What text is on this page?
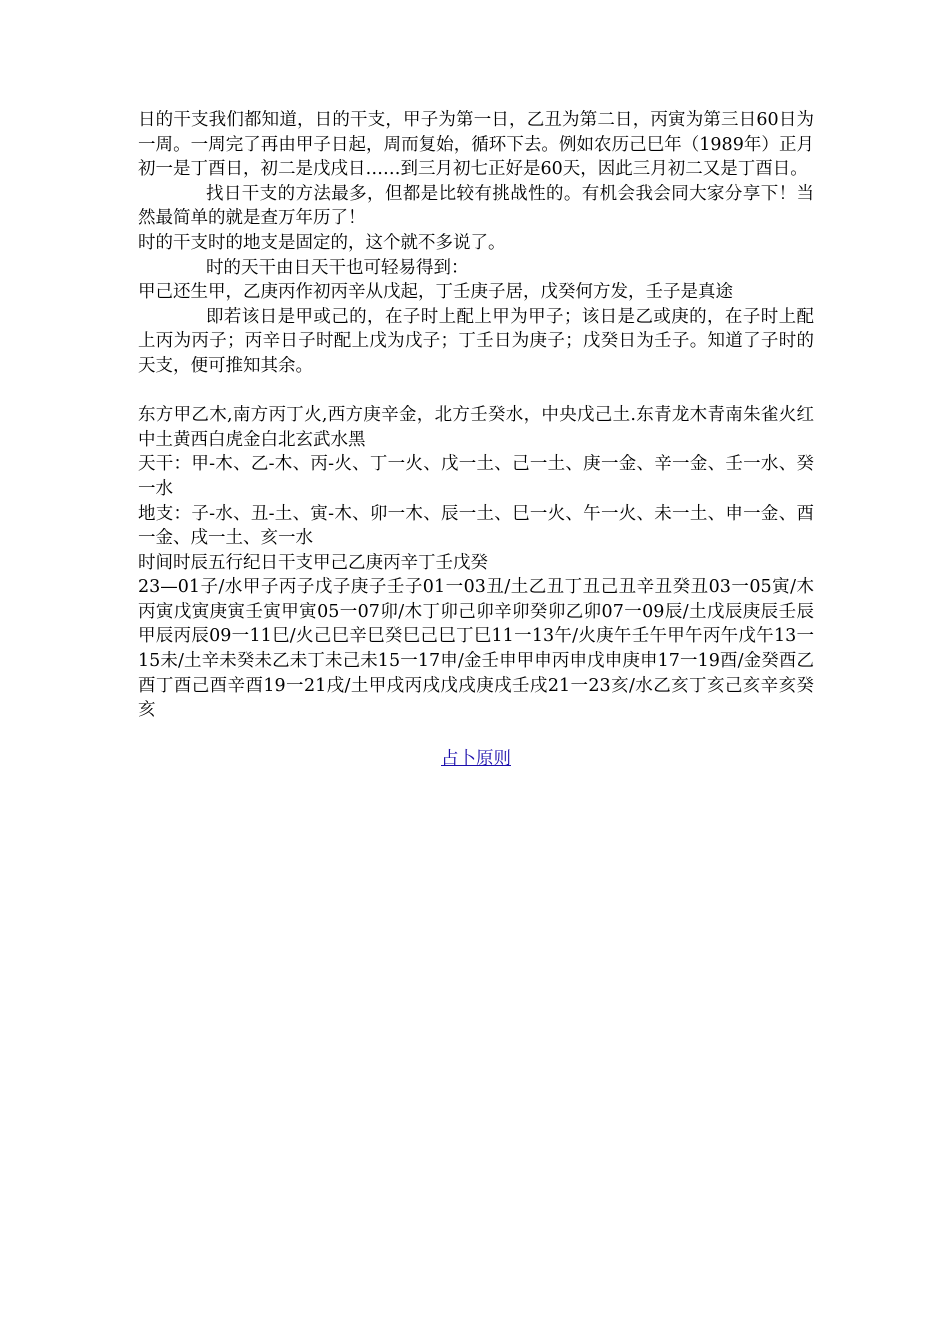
日的干支我们都知道，日的干支，甲子为第一日，乙丑为第二日，丙寅为第三日60日为一周。一周完了再由甲子日起，周而复始，循环下去。例如农历己巳年（1989年）正月初一是丁酉日，初二是戊戌日……到三月初七正好是60天，因此三月初二又是丁酉日。

找日干支的方法最多，但都是比较有挑战性的。有机会我会同大家分享下！当然最简单的就是查万年历了！

时的干支时的地支是固定的，这个就不多说了。

时的天干由日天干也可轻易得到：

甲己还生甲，乙庚丙作初丙辛从戊起，丁壬庚子居，戊癸何方发，壬子是真途

即若该日是甲或己的，在子时上配上甲为甲子；该日是乙或庚的，在子时上配上丙为丙子；丙辛日子时配上戊为戊子；丁壬日为庚子；戊癸日为壬子。知道了子时的天支，便可推知其余。

东方甲乙木,南方丙丁火,西方庚辛金，北方壬癸水，中央戊己土.东青龙木青南朱雀火红中土黄西白虎金白北玄武水黑

天干：甲-木、乙-木、丙-火、丁一火、戊一土、己一土、庚一金、辛一金、壬一水、癸一水

地支：子-水、丑-土、寅-木、卯一木、辰一土、巳一火、午一火、未一土、申一金、酉一金、戌一土、亥一水

时间时辰五行纪日干支甲己乙庚丙辛丁壬戊癸

23—01子/水甲子丙子戊子庚子壬子01一03丑/土乙丑丁丑己丑辛丑癸丑03一05寅/木丙寅戊寅庚寅壬寅甲寅05一07卯/木丁卯己卯辛卯癸卯乙卯07一09辰/土戊辰庚辰壬辰甲辰丙辰09一11巳/火己巳辛巳癸巳己巳丁巳11一13午/火庚午壬午甲午丙午戊午13一15未/土辛未癸未乙未丁未己未15一17申/金壬申甲申丙申戊申庚申17一19酉/金癸酉乙酉丁酉己酉辛酉19一21戌/土甲戌丙戌戊戌庚戌壬戌21一23亥/水乙亥丁亥己亥辛亥癸亥

占卜原则
